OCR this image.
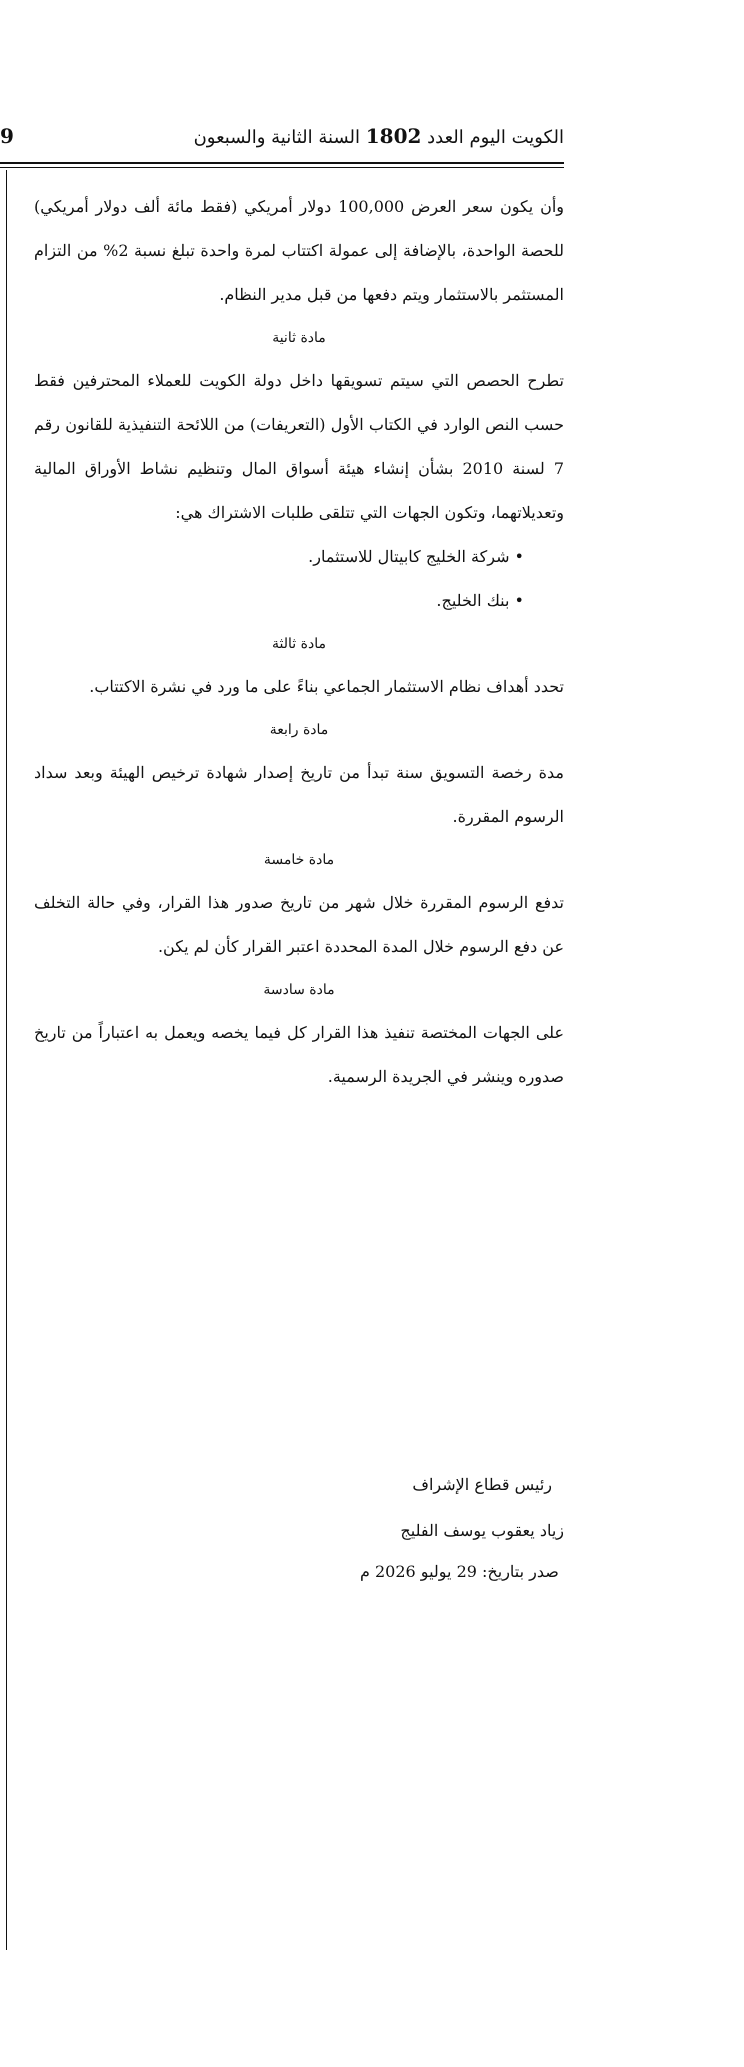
الكويت اليوم العدد 1802 السنة الثانية والسبعون
9

وأن يكون سعر العرض 100,000 دولار أمريكي (فقط مائة ألف دولار أمريكي) للحصة الواحدة، بالإضافة إلى عمولة اكتتاب لمرة واحدة تبلغ نسبة 2% من التزام المستثمر بالاستثمار ويتم دفعها من قبل مدير النظام.

مادة ثانية

تطرح الحصص التي سيتم تسويقها داخل دولة الكويت للعملاء المحترفين فقط حسب النص الوارد في الكتاب الأول (التعريفات) من اللائحة التنفيذية للقانون رقم 7 لسنة 2010 بشأن إنشاء هيئة أسواق المال وتنظيم نشاط الأوراق المالية وتعديلاتهما، وتكون الجهات التي تتلقى طلبات الاشتراك هي:

• شركة الخليج كابيتال للاستثمار.
• بنك الخليج.

مادة ثالثة

تحدد أهداف نظام الاستثمار الجماعي بناءً على ما ورد في نشرة الاكتتاب.

مادة رابعة

مدة رخصة التسويق سنة تبدأ من تاريخ إصدار شهادة ترخيص الهيئة وبعد سداد الرسوم المقررة.

مادة خامسة

تدفع الرسوم المقررة خلال شهر من تاريخ صدور هذا القرار، وفي حالة التخلف عن دفع الرسوم خلال المدة المحددة اعتبر القرار كأن لم يكن.

مادة سادسة

على الجهات المختصة تنفيذ هذا القرار كل فيما يخصه ويعمل به اعتباراً من تاريخ صدوره وينشر في الجريدة الرسمية.

رئيس قطاع الإشراف

زياد يعقوب يوسف الفليج

صدر بتاريخ: 29 يوليو 2026 م
